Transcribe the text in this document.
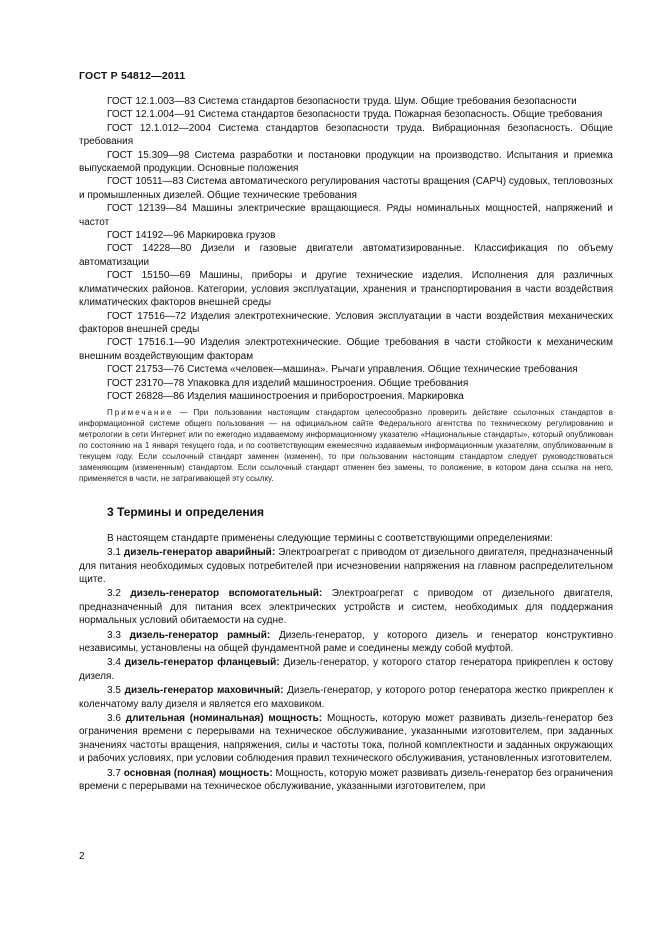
ГОСТ Р 54812—2011

ГОСТ 12.1.003—83 Система стандартов безопасности труда. Шум. Общие требования безопасности

ГОСТ 12.1.004—91 Система стандартов безопасности труда. Пожарная безопасность. Общие требования

ГОСТ 12.1.012—2004 Система стандартов безопасности труда. Вибрационная безопасность. Общие требования

ГОСТ 15.309—98 Система разработки и постановки продукции на производство. Испытания и приемка выпускаемой продукции. Основные положения

ГОСТ 10511—83 Система автоматического регулирования частоты вращения (САРЧ) судовых, тепловозных и промышленных дизелей. Общие технические требования

ГОСТ 12139—84 Машины электрические вращающиеся. Ряды номинальных мощностей, напряжений и частот

ГОСТ 14192—96 Маркировка грузов

ГОСТ 14228—80 Дизели и газовые двигатели автоматизированные. Классификация по объему автоматизации

ГОСТ 15150—69 Машины, приборы и другие технические изделия. Исполнения для различных климатических районов. Категории, условия эксплуатации, хранения и транспортирования в части воздействия климатических факторов внешней среды

ГОСТ 17516—72 Изделия электротехнические. Условия эксплуатации в части воздействия механических факторов внешней среды

ГОСТ 17516.1—90 Изделия электротехнические. Общие требования в части стойкости к механическим внешним воздействующим факторам

ГОСТ 21753—76 Система «человек—машина». Рычаги управления. Общие технические требования

ГОСТ 23170—78 Упаковка для изделий машиностроения. Общие требования

ГОСТ 26828—86 Изделия машиностроения и приборостроения. Маркировка

Примечание — При пользовании настоящим стандартом целесообразно проверить действие ссылочных стандартов в информационной системе общего пользования — на официальном сайте Федерального агентства по техническому регулированию и метрологии в сети Интернет или по ежегодно издаваемому информационному указателю «Национальные стандарты», который опубликован по состоянию на 1 января текущего года, и по соответствующим ежемесячно издаваемым информационным указателям, опубликованным в текущем году. Если ссылочный стандарт заменен (изменен), то при пользовании настоящим стандартом следует руководствоваться заменяющим (измененным) стандартом. Если ссылочный стандарт отменен без замены, то положение, в котором дана ссылка на него, применяется в части, не затрагивающей эту ссылку.

3 Термины и определения

В настоящем стандарте применены следующие термины с соответствующими определениями:

3.1 дизель-генератор аварийный: Электроагрегат с приводом от дизельного двигателя, предназначенный для питания необходимых судовых потребителей при исчезновении напряжения на главном распределительном щите.

3.2 дизель-генератор вспомогательный: Электроагрегат с приводом от дизельного двигателя, предназначенный для питания всех электрических устройств и систем, необходимых для поддержания нормальных условий обитаемости на судне.

3.3 дизель-генератор рамный: Дизель-генератор, у которого дизель и генератор конструктивно независимы, установлены на общей фундаментной раме и соединены между собой муфтой.

3.4 дизель-генератор фланцевый: Дизель-генератор, у которого статор генератора прикреплен к остову дизеля.

3.5 дизель-генератор маховичный: Дизель-генератор, у которого ротор генератора жестко прикреплен к коленчатому валу дизеля и является его маховиком.

3.6 длительная (номинальная) мощность: Мощность, которую может развивать дизель-генератор без ограничения времени с перерывами на техническое обслуживание, указанными изготовителем, при заданных значениях частоты вращения, напряжения, силы и частоты тока, полной комплектности и заданных окружающих и рабочих условиях, при условии соблюдения правил технического обслуживания, установленных изготовителем.

3.7 основная (полная) мощность: Мощность, которую может развивать дизель-генератор без ограничения времени с перерывами на техническое обслуживание, указанными изготовителем, при

2
